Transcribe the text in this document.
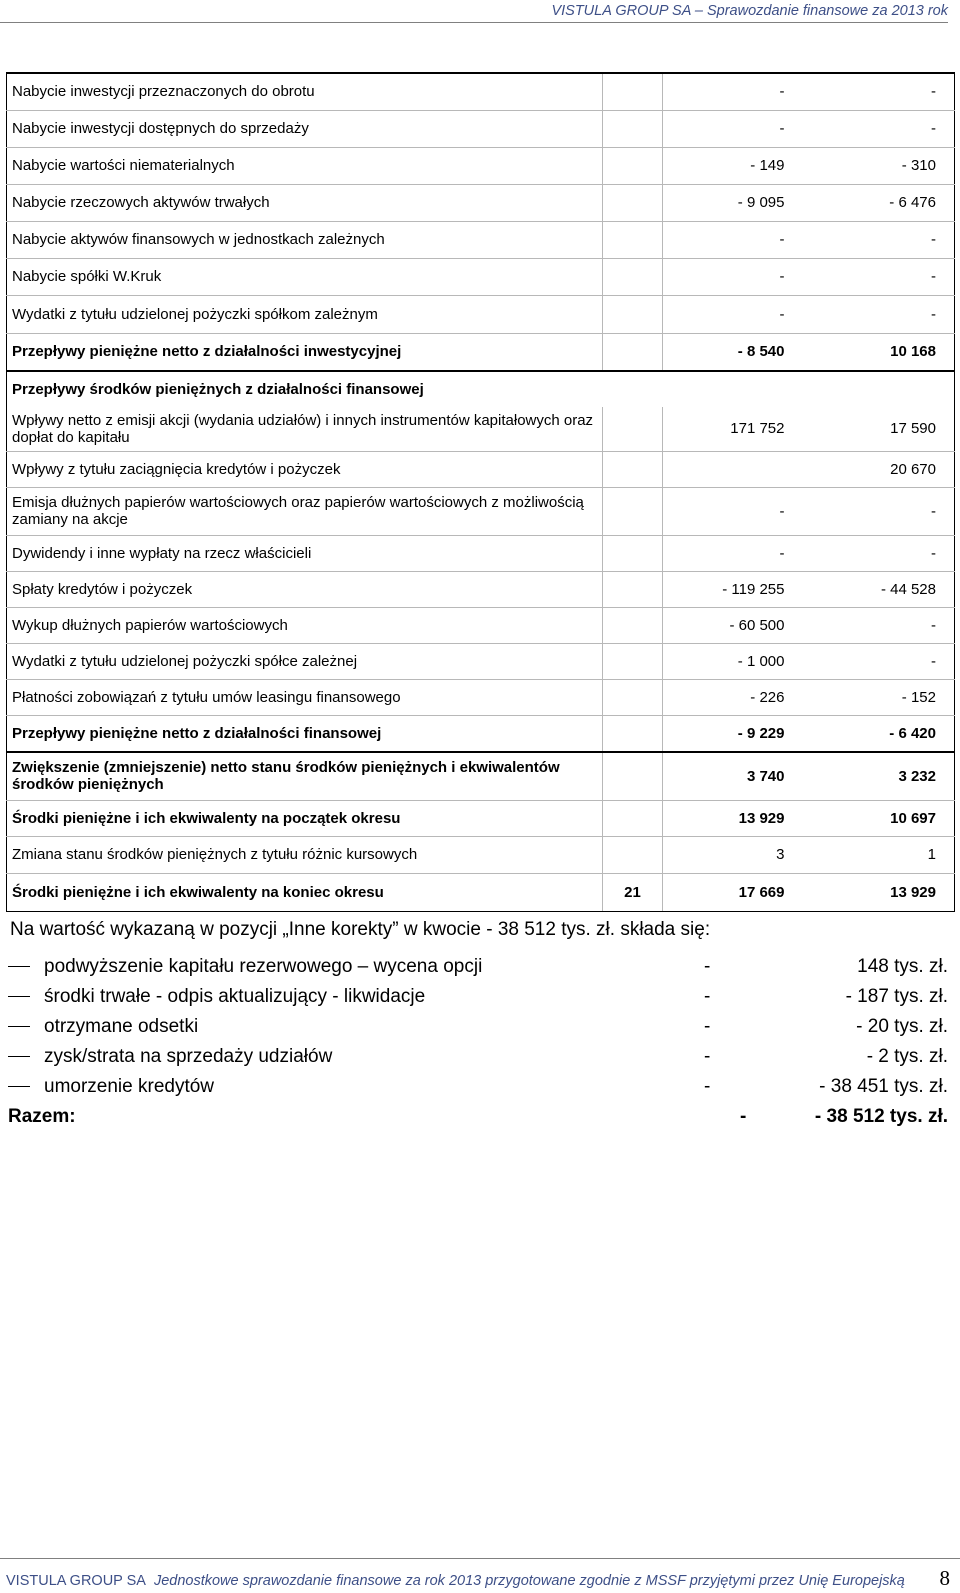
VISTULA GROUP SA – Sprawozdanie finansowe za 2013 rok
Nabycie inwestycji przeznaczonych do obrotu		-	-
Nabycie inwestycji dostępnych do sprzedaży		-	-
Nabycie wartości niematerialnych		- 149	- 310
Nabycie rzeczowych aktywów trwałych		- 9 095	- 6 476
Nabycie aktywów finansowych w jednostkach zależnych		-	-
Nabycie spółki W.Kruk		-	-
Wydatki z tytułu udzielonej pożyczki spółkom zależnym		-	-
Przepływy pieniężne netto z działalności inwestycyjnej		- 8 540	10 168
Przepływy środków pieniężnych z działalności finansowej			
Wpływy netto z emisji akcji (wydania udziałów) i innych instrumentów kapitałowych oraz dopłat do kapitału		171 752	17 590
Wpływy z tytułu zaciągnięcia kredytów i pożyczek			20 670
Emisja dłużnych papierów wartościowych oraz papierów wartościowych z możliwością zamiany na akcje		-	-
Dywidendy i inne wypłaty na rzecz właścicieli		-	-
Spłaty kredytów i pożyczek		- 119 255	- 44 528
Wykup dłużnych papierów wartościowych		- 60 500	-
Wydatki z tytułu udzielonej pożyczki spółce zależnej		- 1 000	-
Płatności zobowiązań z tytułu umów leasingu finansowego		- 226	- 152
Przepływy pieniężne netto z działalności finansowej		- 9 229	- 6 420
Zwiększenie (zmniejszenie) netto stanu środków pieniężnych i ekwiwalentów środków pieniężnych		3 740	3 232
Środki pieniężne i ich ekwiwalenty na początek okresu		13 929	10 697
Zmiana stanu środków pieniężnych z tytułu różnic kursowych		3	1
Środki pieniężne i ich ekwiwalenty na koniec okresu	21	17 669	13 929
Na wartość wykazaną w pozycji „Inne korekty” w kwocie - 38 512 tys. zł. składa się:
podwyższenie kapitału rezerwowego – wycena opcji	-	148 tys. zł.
środki trwałe - odpis aktualizujący - likwidacje	-	- 187 tys. zł.
otrzymane odsetki	-	- 20 tys. zł.
zysk/strata na sprzedaży udziałów	-	- 2 tys. zł.
umorzenie kredytów	-	- 38 451 tys. zł.
Razem:	-	- 38 512 tys. zł.
VISTULA GROUP SA Jednostkowe sprawozdanie finansowe za rok 2013 przygotowane zgodnie z MSSF przyjętymi przez Unię Europejską	8
